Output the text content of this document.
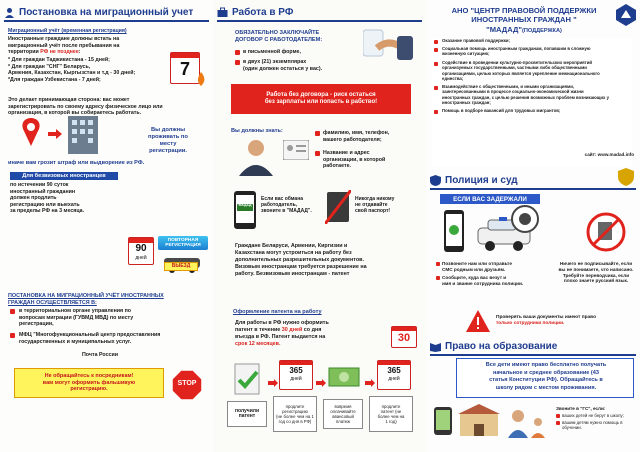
Постановка на миграционный учет
Миграционный учёт (временная регистрация)
Иностранные граждане должны встать на
миграционный учёт после пребывания на
территории РФ не позднее:
* Для граждан Таджикистана - 15 дней;
* Для граждан "СНГ" Беларусь,
Армения, Казахстан, Кыргызстан и т.д - 30 дней;
*Для граждан Узбекистана - 7 дней;
7
Это делает принимающая сторона: вас может
зарегистрировать по своему адресу физическое лицо или
организация, в которой вы собираетесь работать.
Вы должны
проживать по
месту
регистрации.
иначе вам грозит штраф или выдворение из РФ.
Для безвизовых иностранцев
по истечении 90 суток
иностранный гражданин
должен продлить
регистрацию или выехать
за пределы РФ на 3 месяца.
90
дней
ПОВТОРНАЯ
РЕГИСТРАЦИЯ
ВЫЕЗД
ПОСТАНОВКА НА МИГРАЦИОННЫЙ УЧЁТ ИНОСТРАННЫХ
ГРАЖДАН ОСУЩЕСТВЛЯЕТСЯ В:
в территориальном органе управления по
вопросам миграции (ГУВМД МВД) по месту
регистрации,
МФЦ "Многофункциональный центр предоставления
государственных и муниципальных услуг.
Почта России
Не обращайтесь к посредникам!
вам могут оформить фальшивую
регистрацию.
STOP
Работа в РФ
ОБЯЗАТЕЛЬНО ЗАКЛЮЧАЙТЕ
ДОГОВОР С РАБОТОДАТЕЛЕМ:
в письменной форме,
в двух (21) экземплярах
(один должен остаться у вас).
Работа без договора - риск остаться
без зарплаты или попасть в рабство!
Вы должны знать:	фамилию, имя, телефон,
вашего работодателя;
Название и адрес
организации, в которой
работаете.
"МАДАД"
Если вас обмана
работодатель,
звоните в "МАДАД".
Никогда никому
не отдавайте
свой паспорт!
Граждане Беларуси, Армении, Киргизии и
Казахстана могут устроиться на работу без
дополнительных разрешительных документов.
Визовым иностранцам требуется разрешение на
работу. Безвизовым иностранцам - патент
Оформление патента на работу
Для работы в РФ нужно оформить
патент в течение 30 дней со дня
въезда в РФ. Патент выдается на
срок 12 месяцев.	30
365
дней
365
дней
получили
патент
продлите
регистрацию
(не более чем на 1
год со дня в РФ)
вовремя
оплачивайте
авансовый
платеж
продлите
патент (не
более чем на
1 год)
АНО "ЦЕНТР ПРАВОВОЙ ПОДДЕРЖКИ
ИНОСТРАННЫХ ГРАЖДАН "
"МАДАД"(ПОДДЕРЖКА)
Оказание правовой поддержки;
Социальная помощь иностранным гражданам, попавшим в сложную
жизненную ситуацию;
Содействие в проведении культурно-просветительских мероприятий
организуемых государственными, частными либо общественными
организациями, целью которых является укрепление межнационального
единства;
Взаимодействие с общественными, и иными организациями,
заинтересованными в процессе социально-экономической жизни
иностранных граждан, с целью решения возможных проблем возникающих у
иностранных граждан;
Помощь в подборе вакансий для трудовых мигрантов;
сайт: www.madad.info
Полиция и суд
ЕСЛИ ВАС ЗАДЕРЖАЛИ
Позвоните нам или отправьте
СМС родным или друзьям.
Сообщите, куда вас везут и
имя и звание сотрудника полиции.
Ничего не подписывайте, если
вы не понимаете, что написано.
Требуйте переводчика, если
плохо знаете русский язык.
Проверять ваши документы имеют право
только сотрудники полиции.
Право на образование
Все дети имеют право бесплатно получать
начальное и среднее образование (43
статья Конституции РФ). Обращайтесь в
школу рядом с местом проживания.
Звоните в "ГС", если:
ваших детей не берут в школу;
вашим детям нужно помощь в
обучении.
